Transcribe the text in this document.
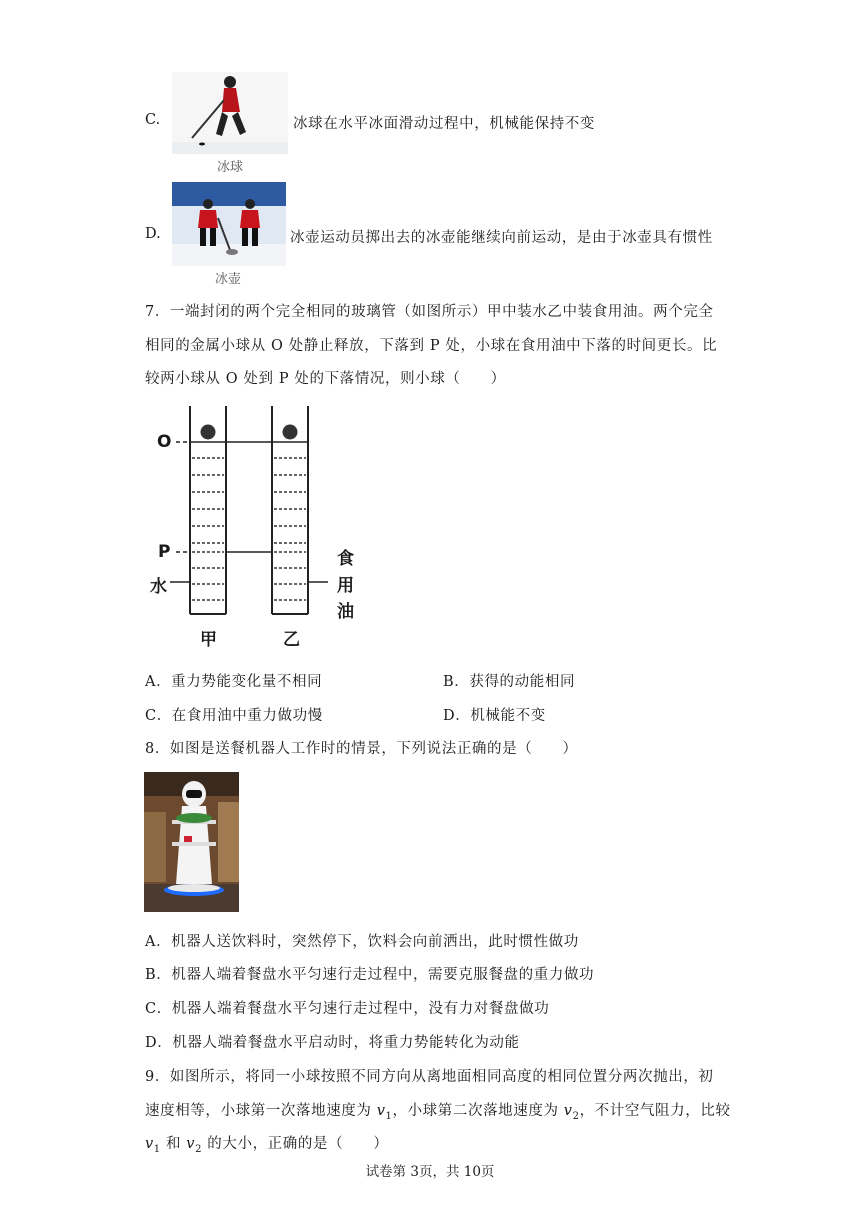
C.
冰球
冰球在水平冰面滑动过程中，机械能保持不变
D.
冰壶
冰壶运动员掷出去的冰壶能继续向前运动，是由于冰壶具有惯性
7．一端封闭的两个完全相同的玻璃管（如图所示）甲中装水乙中装食用油。两个完全
相同的金属小球从 O 处静止释放，下落到 P 处，小球在食用油中下落的时间更长。比
较两小球从 O 处到 P 处的下落情况，则小球（　　）
O
P
水
食
用
油
甲	乙
A．重力势能变化量不相同	B．获得的动能相同
C．在食用油中重力做功慢	D．机械能不变
8．如图是送餐机器人工作时的情景，下列说法正确的是（　　）
A．机器人送饮料时，突然停下，饮料会向前洒出，此时惯性做功
B．机器人端着餐盘水平匀速行走过程中，需要克服餐盘的重力做功
C．机器人端着餐盘水平匀速行走过程中，没有力对餐盘做功
D．机器人端着餐盘水平启动时，将重力势能转化为动能
9．如图所示，将同一小球按照不同方向从离地面相同高度的相同位置分两次抛出，初
速度相等，小球第一次落地速度为 $v_1$，小球第二次落地速度为 $v_2$，不计空气阻力，比较
$v_1$ 和 $v_2$ 的大小，正确的是（　　）
试卷第 3页，共 10页
